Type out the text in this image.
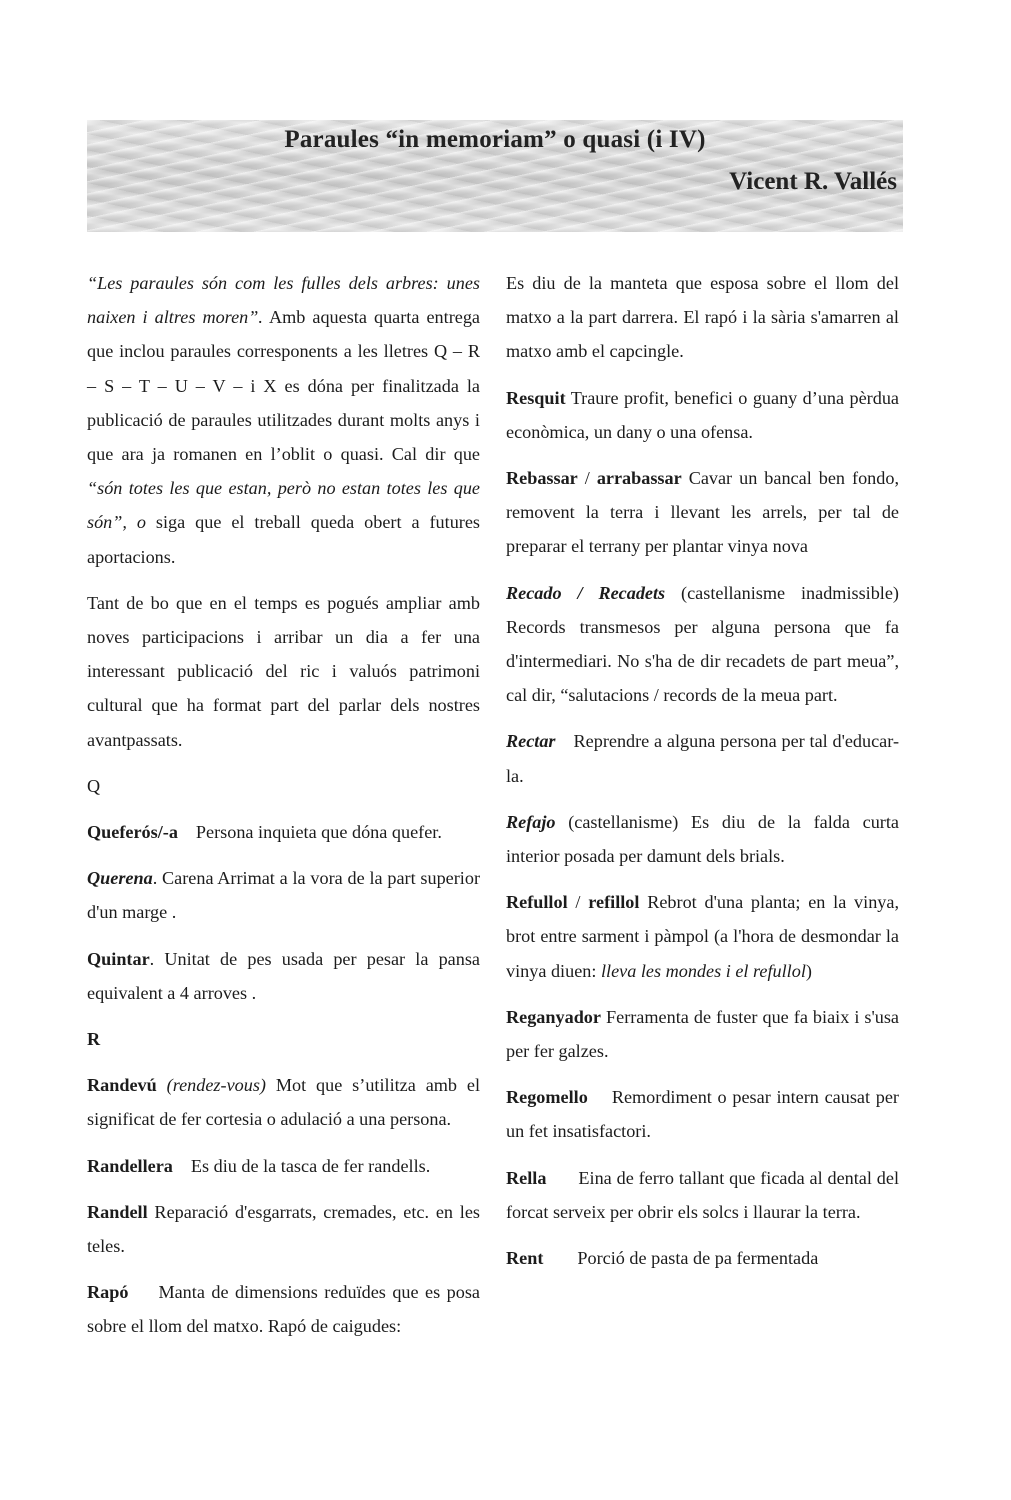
Paraules “in memoriam” o quasi (i IV)
Vicent R. Vallés

“Les paraules són com les fulles dels arbres: unes naixen i altres moren”. Amb aquesta quarta entrega que inclou paraules corresponents a les lletres Q – R – S – T – U – V – i X es dóna per finalitzada la publicació de paraules utilitzades durant molts anys i que ara ja romanen en l’oblit o quasi. Cal dir que “són totes les que estan, però no estan totes les que són”, o siga que el treball queda obert a futures aportacions.

Tant de bo que en el temps es pogués ampliar amb noves participacions i arribar un dia a fer una interessant publicació del ric i valuós patrimoni cultural que ha format part del parlar dels nostres avantpassats.

Q

Queferós/-a Persona inquieta que dóna quefer.

Querena. Carena Arrimat a la vora de la part superior d'un marge .

Quintar. Unitat de pes usada per pesar la pansa equivalent a 4 arroves .

R

Randevú (rendez-vous) Mot que s’utilitza amb el significat de fer cortesia o adulació a una persona.

Randellera Es diu de la tasca de fer randells.

Randell Reparació d'esgarrats, cremades, etc. en les teles.

Rapó Manta de dimensions reduïdes que es posa sobre el llom del matxo. Rapó de caigudes:

Es diu de la manteta que esposa sobre el llom del matxo a la part darrera. El rapó i la sària s'amarren al matxo amb el capcingle.

Resquit Traure profit, benefici o guany d’una pèrdua econòmica, un dany o una ofensa.

Rebassar / arrabassar Cavar un bancal ben fondo, removent la terra i llevant les arrels, per tal de preparar el terrany per plantar vinya nova

Recado / Recadets (castellanisme inadmissible) Records transmesos per alguna persona que fa d'intermediari. No s'ha de dir recadets de part meua”, cal dir, “salutacions / records de la meua part.

Rectar Reprendre a alguna persona per tal d'educar-la.

Refajo (castellanisme) Es diu de la falda curta interior posada per damunt dels brials.

Refullol / refillol Rebrot d'una planta; en la vinya, brot entre sarment i pàmpol (a l'hora de desmondar la vinya diuen: lleva les mondes i el refullol)

Reganyador Ferramenta de fuster que fa biaix i s'usa per fer galzes.

Regomello Remordiment o pesar intern causat per un fet insatisfactori.

Rella Eina de ferro tallant que ficada al dental del forcat serveix per obrir els solcs i llaurar la terra.

Rent Porció de pasta de pa fermentada
